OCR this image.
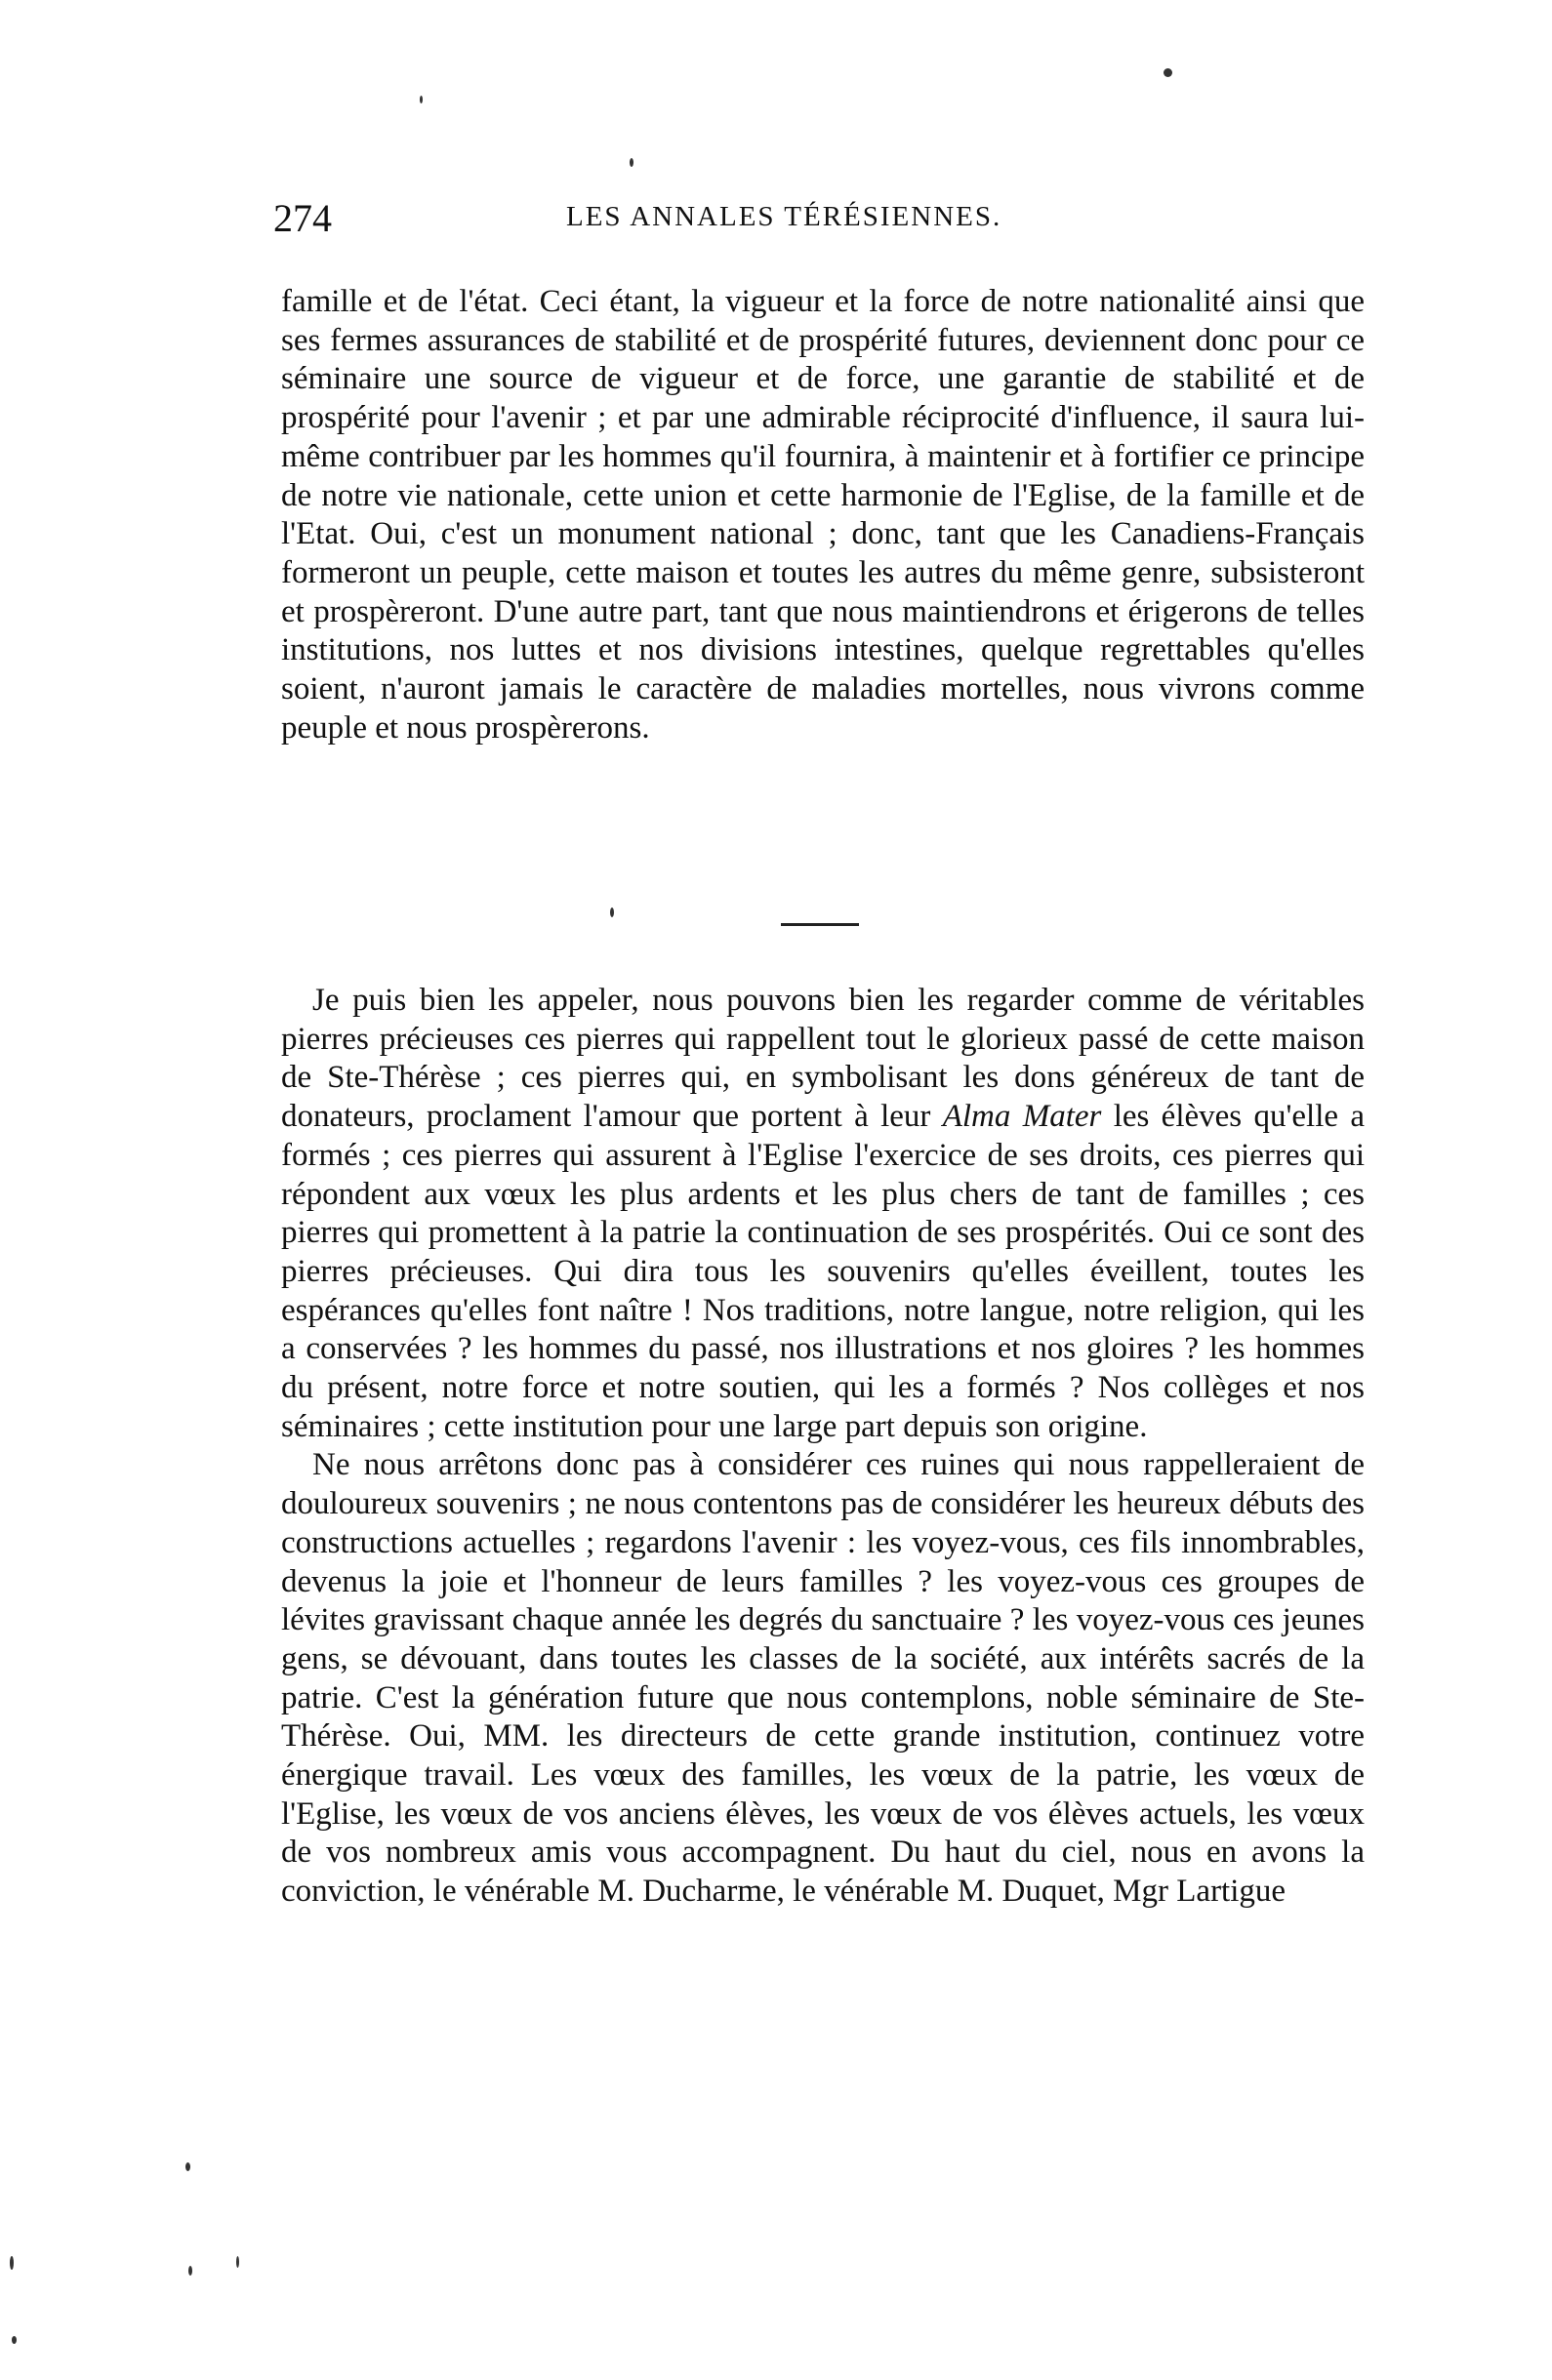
274	LES ANNALES TÉRÉSIENNES.

famille et de l'état. Ceci étant, la vigueur et la force de notre nationalité ainsi que ses fermes assurances de stabilité et de prospérité futures, deviennent donc pour ce séminaire une source de vigueur et de force, une garantie de stabilité et de prospérité pour l'avenir ; et par une admirable réciprocité d'influence, il saura lui-même contribuer par les hommes qu'il fournira, à maintenir et à fortifier ce principe de notre vie nationale, cette union et cette harmonie de l'Eglise, de la famille et de l'Etat. Oui, c'est un monument national ; donc, tant que les Canadiens-Français formeront un peuple, cette maison et toutes les autres du même genre, subsisteront et prospèreront. D'une autre part, tant que nous maintiendrons et érigerons de telles institutions, nos luttes et nos divisions intestines, quelque regrettables qu'elles soient, n'auront jamais le caractère de maladies mortelles, nous vivrons comme peuple et nous prospèrerons.

Je puis bien les appeler, nous pouvons bien les regarder comme de véritables pierres précieuses ces pierres qui rappellent tout le glorieux passé de cette maison de Ste-Thérèse ; ces pierres qui, en symbolisant les dons généreux de tant de donateurs, proclament l'amour que portent à leur Alma Mater les élèves qu'elle a formés ; ces pierres qui assurent à l'Eglise l'exercice de ses droits, ces pierres qui répondent aux vœux les plus ardents et les plus chers de tant de familles ; ces pierres qui promettent à la patrie la continuation de ses prospérités. Oui ce sont des pierres précieuses. Qui dira tous les souvenirs qu'elles éveillent, toutes les espérances qu'elles font naître ! Nos traditions, notre langue, notre religion, qui les a conservées ? les hommes du passé, nos illustrations et nos gloires ? les hommes du présent, notre force et notre soutien, qui les a formés ? Nos collèges et nos séminaires ; cette institution pour une large part depuis son origine.

Ne nous arrêtons donc pas à considérer ces ruines qui nous rappelleraient de douloureux souvenirs ; ne nous contentons pas de considérer les heureux débuts des constructions actuelles ; regardons l'avenir : les voyez-vous, ces fils innombrables, devenus la joie et l'honneur de leurs familles ? les voyez-vous ces groupes de lévites gravissant chaque année les degrés du sanctuaire ? les voyez-vous ces jeunes gens, se dévouant, dans toutes les classes de la société, aux intérêts sacrés de la patrie. C'est la génération future que nous contemplons, noble séminaire de Ste-Thérèse. Oui, MM. les directeurs de cette grande institution, continuez votre énergique travail. Les vœux des familles, les vœux de la patrie, les vœux de l'Eglise, les vœux de vos anciens élèves, les vœux de vos élèves actuels, les vœux de vos nombreux amis vous accompagnent. Du haut du ciel, nous en avons la conviction, le vénérable M. Ducharme, le vénérable M. Duquet, Mgr Lartigue
